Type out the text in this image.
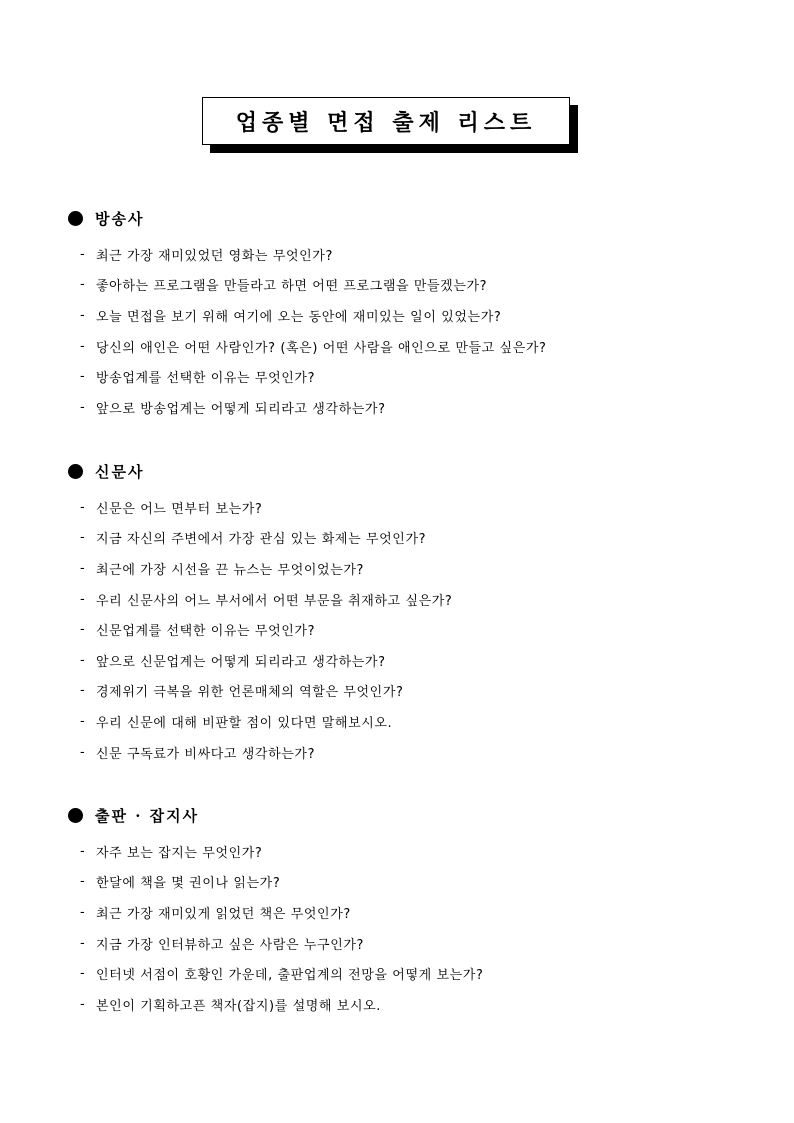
업종별 면접 출제 리스트
방송사
- 최근 가장 재미있었던 영화는 무엇인가?
- 좋아하는 프로그램을 만들라고 하면 어떤 프로그램을 만들겠는가?
- 오늘 면접을 보기 위해 여기에 오는 동안에 재미있는 일이 있었는가?
- 당신의 애인은 어떤 사람인가? (혹은) 어떤 사람을 애인으로 만들고 싶은가?
- 방송업계를 선택한 이유는 무엇인가?
- 앞으로 방송업계는 어떻게 되리라고 생각하는가?
신문사
- 신문은 어느 면부터 보는가?
- 지금 자신의 주변에서 가장 관심 있는 화제는 무엇인가?
- 최근에 가장 시선을 끈 뉴스는 무엇이었는가?
- 우리 신문사의 어느 부서에서 어떤 부문을 취재하고 싶은가?
- 신문업계를 선택한 이유는 무엇인가?
- 앞으로 신문업계는 어떻게 되리라고 생각하는가?
- 경제위기 극복을 위한 언론매체의 역할은 무엇인가?
- 우리 신문에 대해 비판할 점이 있다면 말해보시오.
- 신문 구독료가 비싸다고 생각하는가?
출판 · 잡지사
- 자주 보는 잡지는 무엇인가?
- 한달에 책을 몇 권이나 읽는가?
- 최근 가장 재미있게 읽었던 책은 무엇인가?
- 지금 가장 인터뷰하고 싶은 사람은 누구인가?
- 인터넷 서점이 호황인 가운데, 출판업계의 전망을 어떻게 보는가?
- 본인이 기획하고픈 책자(잡지)를 설명해 보시오.
